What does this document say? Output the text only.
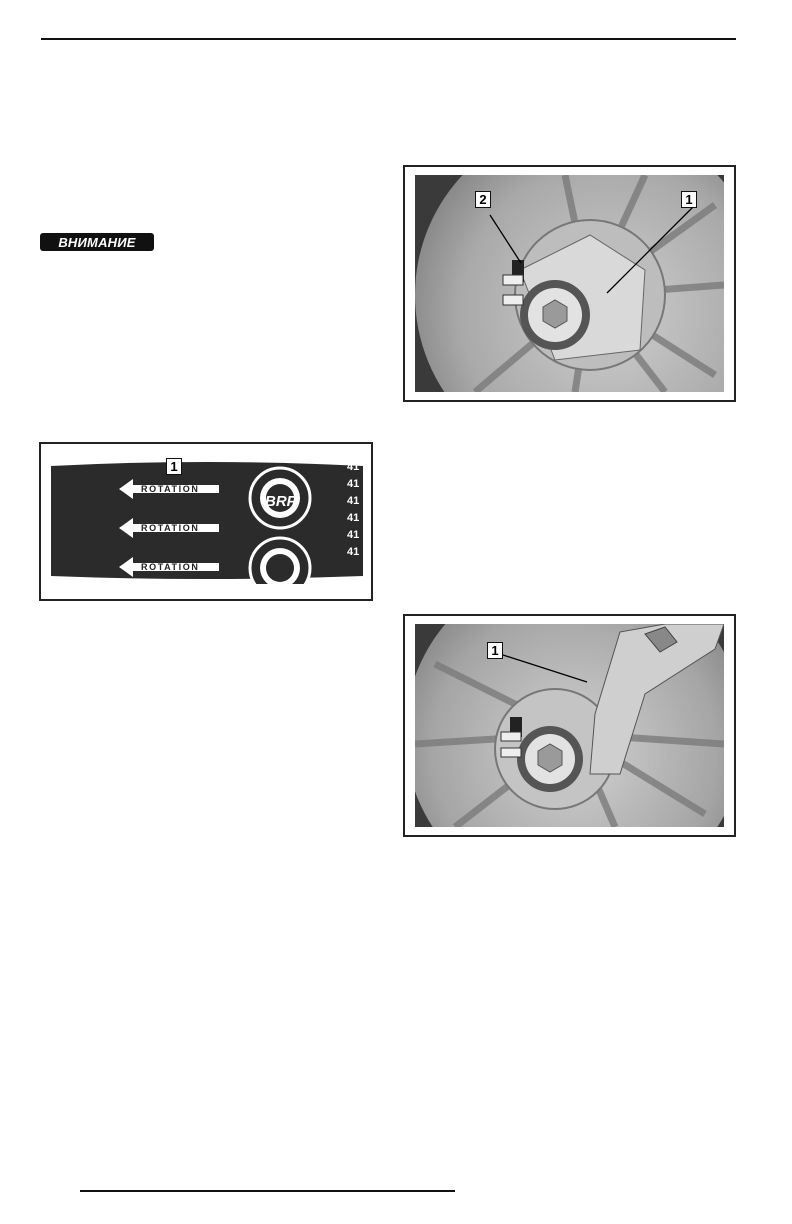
ВНИМАНИЕ
2	1
ROTATION
ROTATION
ROTATION
BRP
41
41
41
41
41
41
1
1
